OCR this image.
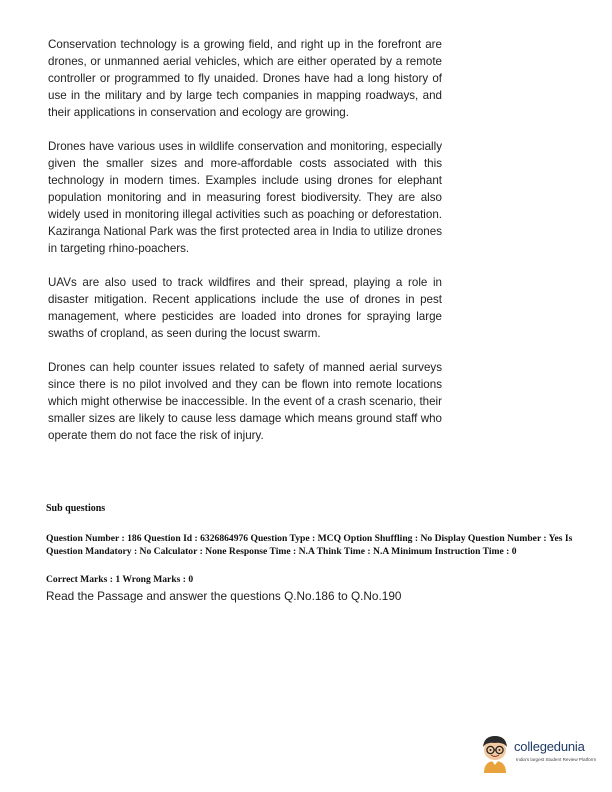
Conservation technology is a growing field, and right up in the forefront are drones, or unmanned aerial vehicles, which are either operated by a remote controller or programmed to fly unaided. Drones have had a long history of use in the military and by large tech companies in mapping roadways, and their applications in conservation and ecology are growing.

Drones have various uses in wildlife conservation and monitoring, especially given the smaller sizes and more-affordable costs associated with this technology in modern times. Examples include using drones for elephant population monitoring and in measuring forest biodiversity. They are also widely used in monitoring illegal activities such as poaching or deforestation. Kaziranga National Park was the first protected area in India to utilize drones in targeting rhino-poachers.

UAVs are also used to track wildfires and their spread, playing a role in disaster mitigation. Recent applications include the use of drones in pest management, where pesticides are loaded into drones for spraying large swaths of cropland, as seen during the locust swarm.

Drones can help counter issues related to safety of manned aerial surveys since there is no pilot involved and they can be flown into remote locations which might otherwise be inaccessible. In the event of a crash scenario, their smaller sizes are likely to cause less damage which means ground staff who operate them do not face the risk of injury.

Sub questions
Question Number : 186 Question Id : 6326864976 Question Type : MCQ Option Shuffling : No Display Question Number : Yes Is Question Mandatory : No Calculator : None Response Time : N.A Think Time : N.A Minimum Instruction Time : 0
Correct Marks : 1 Wrong Marks : 0
Read the Passage and answer the questions Q.No.186 to Q.No.190
collegedunia
India's largest Student Review Platform
